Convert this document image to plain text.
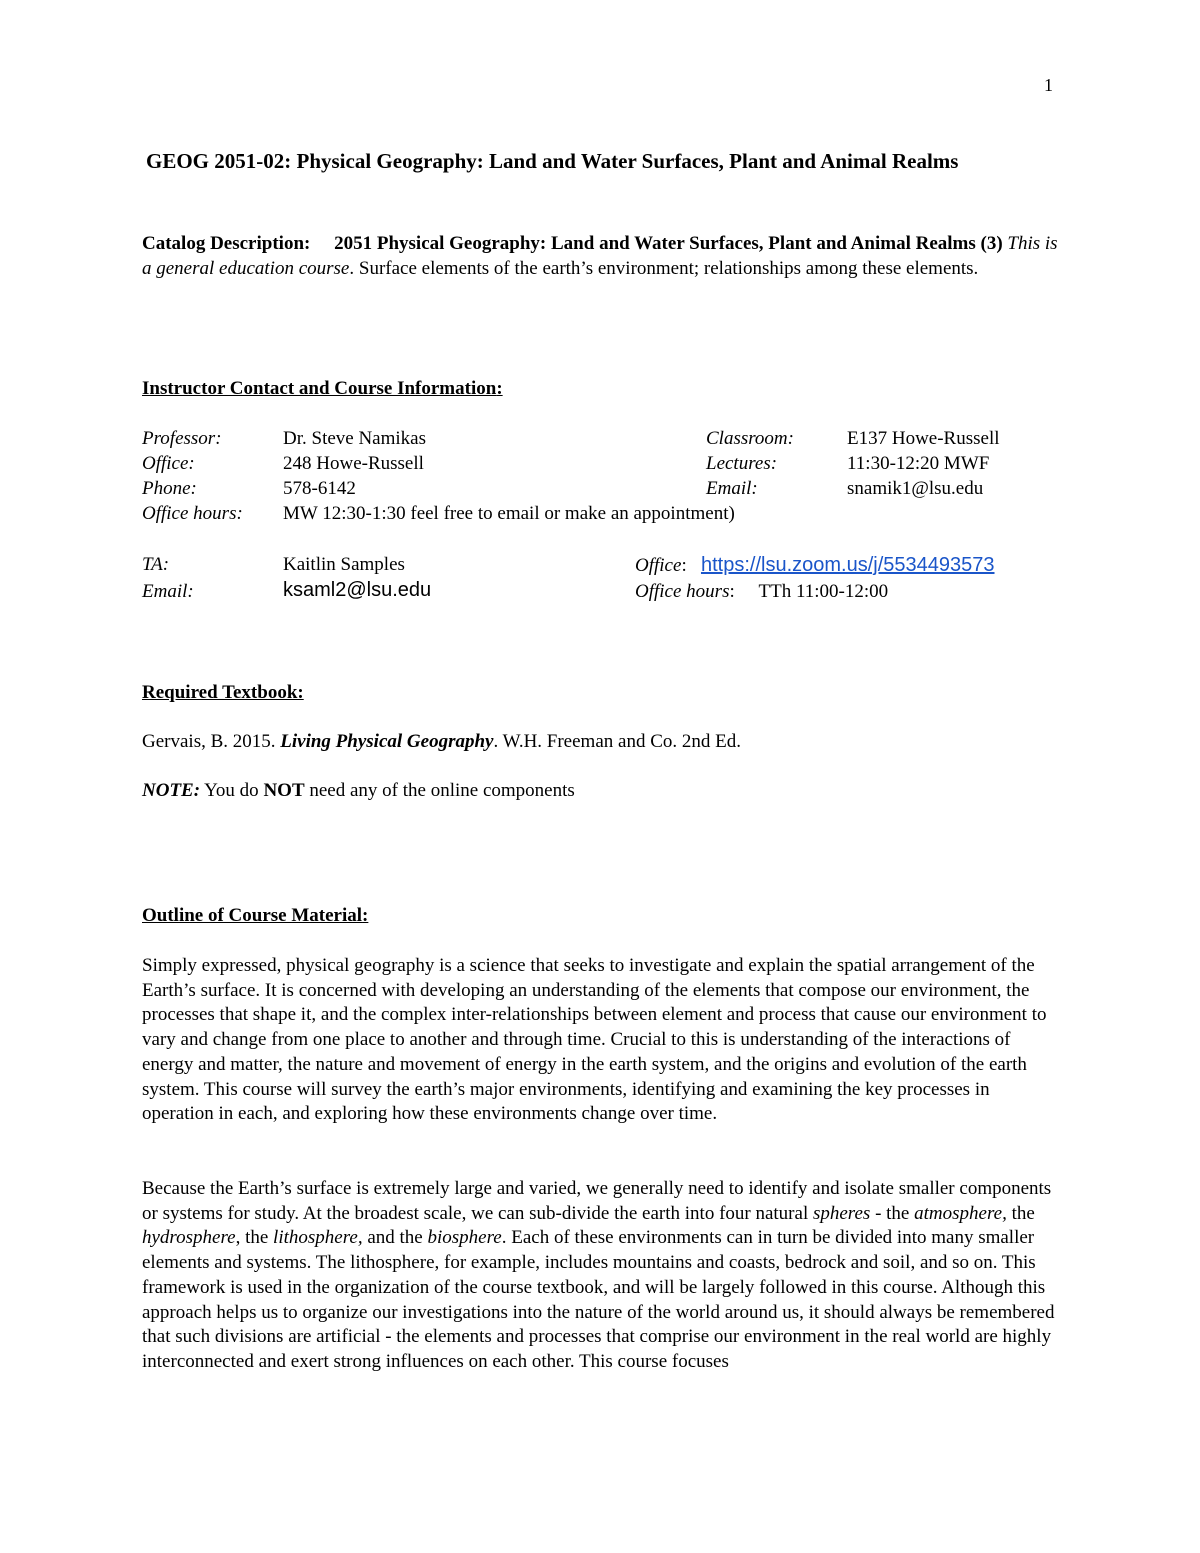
1
GEOG 2051-02: Physical Geography: Land and Water Surfaces, Plant and Animal Realms
Catalog Description: 2051 Physical Geography: Land and Water Surfaces, Plant and Animal Realms (3) This is a general education course. Surface elements of the earth’s environment; relationships among these elements.
Instructor Contact and Course Information:
Professor:	Dr. Steve Namikas	Classroom:	E137 Howe-Russell
Office:	248 Howe-Russell	Lectures:	11:30-12:20 MWF
Phone:	578-6142	Email:	snamik1@lsu.edu
Office hours: MW 12:30-1:30 feel free to email or make an appointment)
TA:	Kaitlin Samples	Office:   https://lsu.zoom.us/j/5534493573
Email:	ksaml2@lsu.edu	Office hours:     TTh 11:00-12:00
Required Textbook:
Gervais, B. 2015. Living Physical Geography. W.H. Freeman and Co. 2nd Ed.
NOTE: You do NOT need any of the online components
Outline of Course Material:

Simply expressed, physical geography is a science that seeks to investigate and explain the spatial arrangement of the Earth’s surface. It is concerned with developing an understanding of the elements that compose our environment, the processes that shape it, and the complex inter-relationships between element and process that cause our environment to vary and change from one place to another and through time. Crucial to this is understanding of the interactions of energy and matter, the nature and movement of energy in the earth system, and the origins and evolution of the earth system. This course will survey the earth’s major environments, identifying and examining the key processes in operation in each, and exploring how these environments change over time.

Because the Earth’s surface is extremely large and varied, we generally need to identify and isolate smaller components or systems for study. At the broadest scale, we can sub-divide the earth into four natural spheres - the atmosphere, the hydrosphere, the lithosphere, and the biosphere. Each of these environments can in turn be divided into many smaller elements and systems. The lithosphere, for example, includes mountains and coasts, bedrock and soil, and so on. This framework is used in the organization of the course textbook, and will be largely followed in this course. Although this approach helps us to organize our investigations into the nature of the world around us, it should always be remembered that such divisions are artificial - the elements and processes that comprise our environment in the real world are highly interconnected and exert strong influences on each other. This course focuses
